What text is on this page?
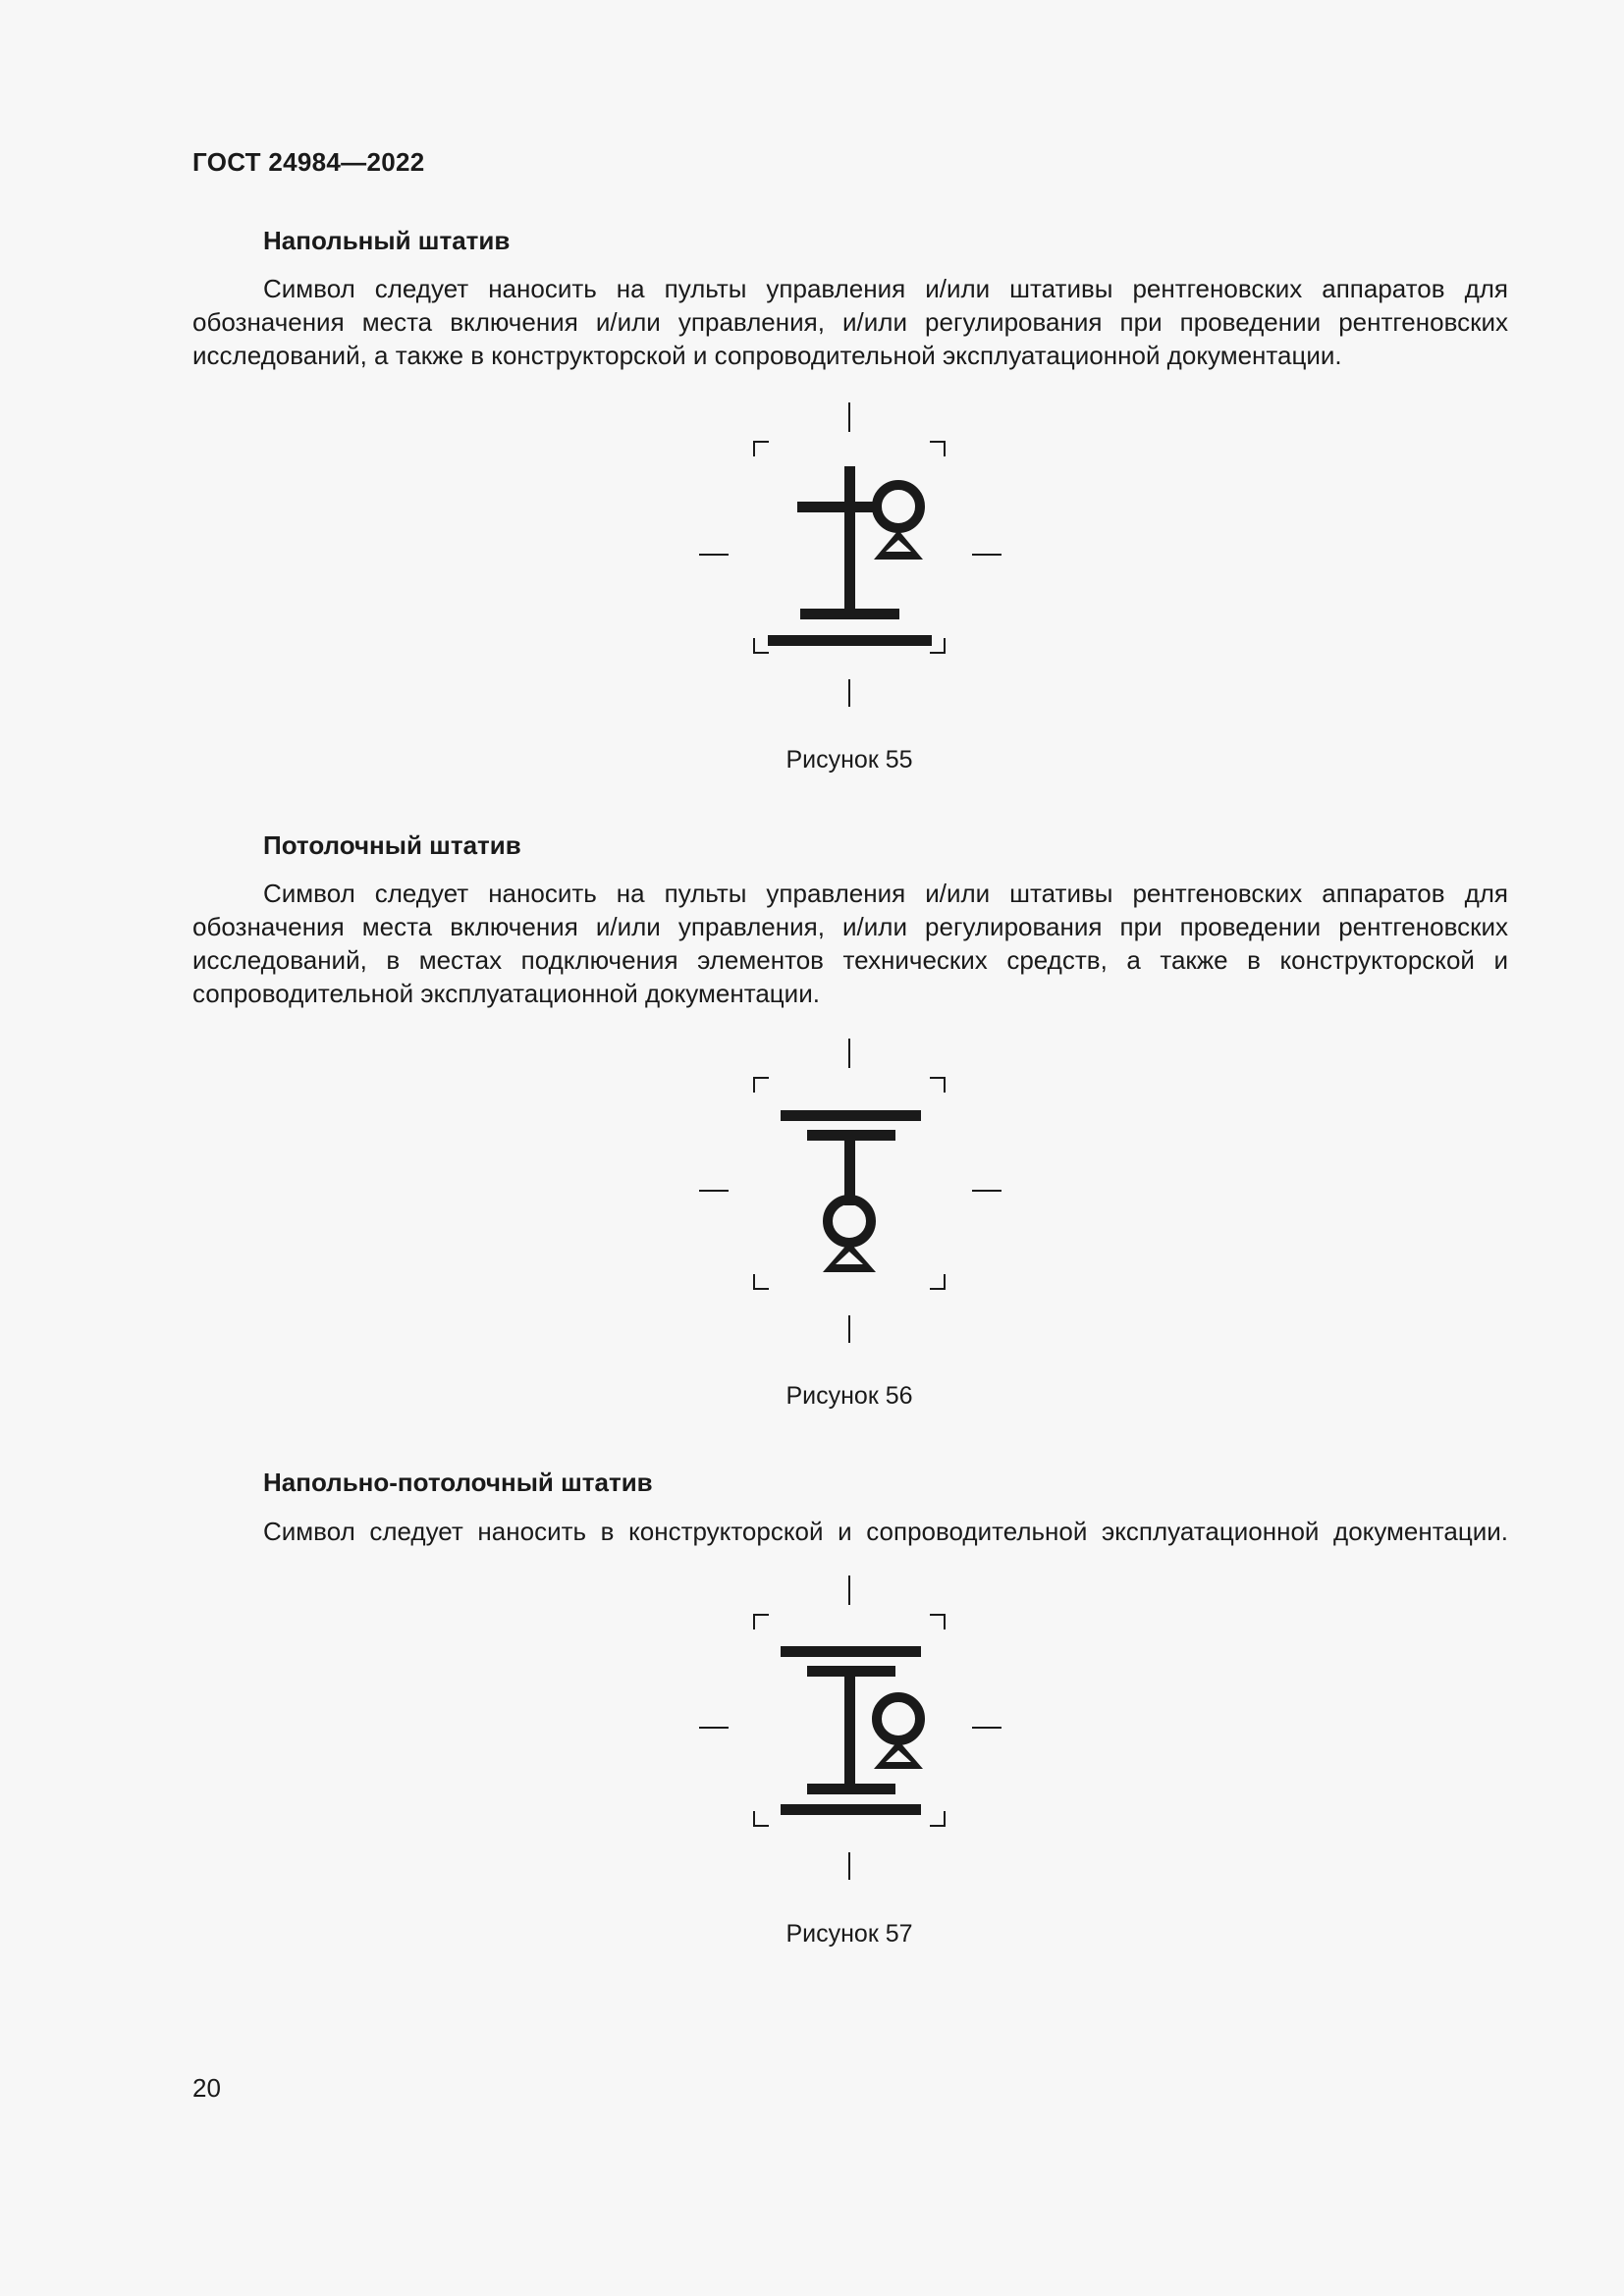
ГОСТ 24984—2022
Напольный штатив

Символ следует наносить на пульты управления и/или штативы рентгеновских аппаратов для обозначения места включения и/или управления, и/или регулирования при проведении рентгеновских исследований, а также в конструкторской и сопроводительной эксплуатационной документации.

Рисунок 55
Потолочный штатив

Символ следует наносить на пульты управления и/или штативы рентгеновских аппаратов для обозначения места включения и/или управления, и/или регулирования при проведении рентгеновских исследований, в местах подключения элементов технических средств, а также в конструкторской и сопроводительной эксплуатационной документации.

Рисунок 56
Напольно-потолочный штатив

Символ следует наносить в конструкторской и сопроводительной эксплуатационной документации.

Рисунок 57
20
